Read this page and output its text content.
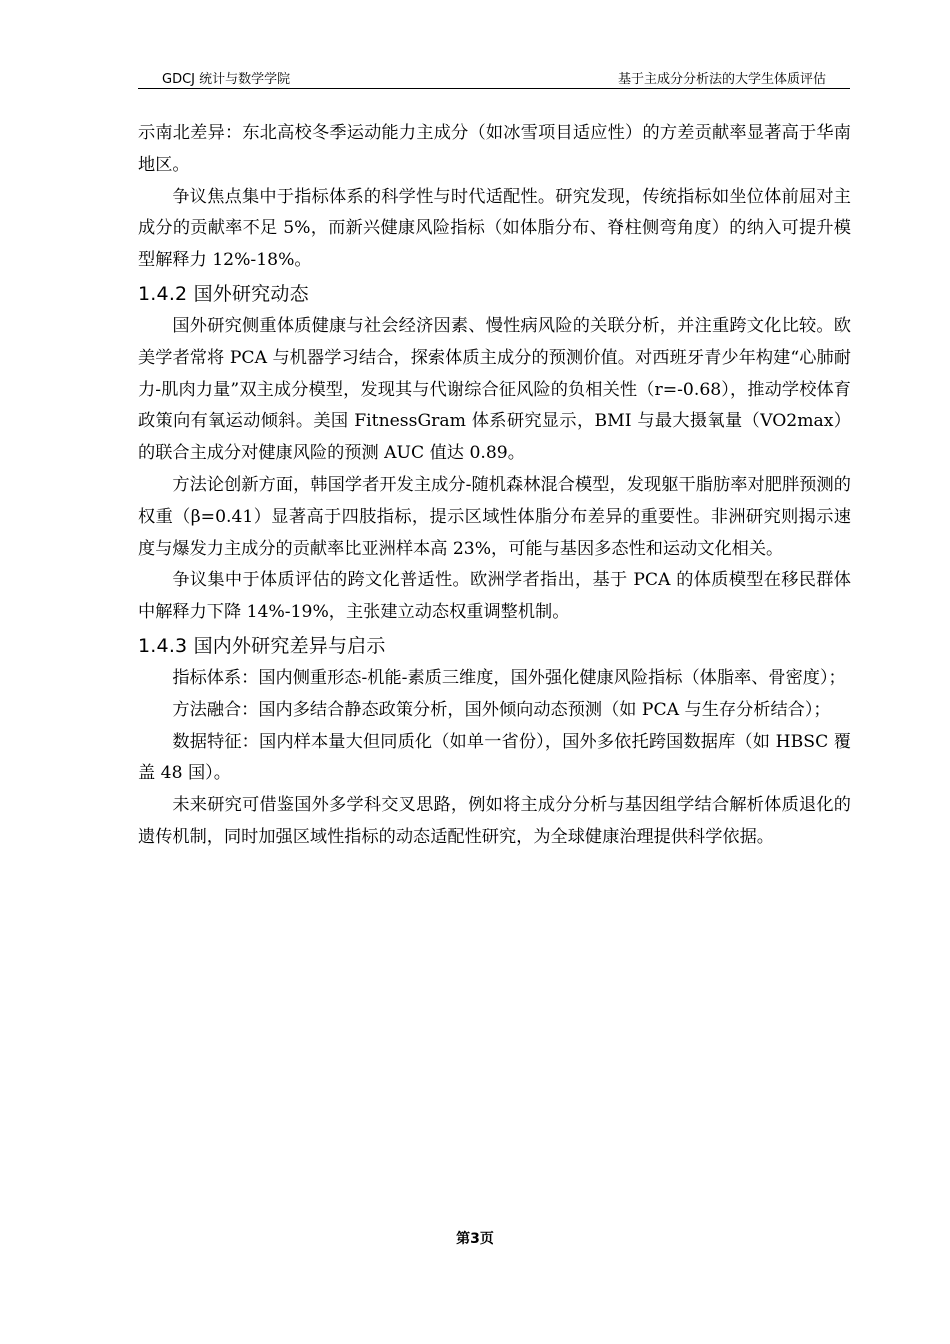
GDCJ 统计与数学学院	基于主成分分析法的大学生体质评估

示南北差异：东北高校冬季运动能力主成分（如冰雪项目适应性）的方差贡献率显著高于华南地区。

争议焦点集中于指标体系的科学性与时代适配性。研究发现，传统指标如坐位体前屈对主成分的贡献率不足 5%，而新兴健康风险指标（如体脂分布、脊柱侧弯角度）的纳入可提升模型解释力 12%-18%。

1.4.2 国外研究动态

国外研究侧重体质健康与社会经济因素、慢性病风险的关联分析，并注重跨文化比较。欧美学者常将 PCA 与机器学习结合，探索体质主成分的预测价值。对西班牙青少年构建“心肺耐力-肌肉力量”双主成分模型，发现其与代谢综合征风险的负相关性（r=-0.68），推动学校体育政策向有氧运动倾斜。美国 FitnessGram 体系研究显示，BMI 与最大摄氧量（VO2max）的联合主成分对健康风险的预测 AUC 值达 0.89。

方法论创新方面，韩国学者开发主成分-随机森林混合模型，发现躯干脂肪率对肥胖预测的权重（β=0.41）显著高于四肢指标，提示区域性体脂分布差异的重要性。非洲研究则揭示速度与爆发力主成分的贡献率比亚洲样本高 23%，可能与基因多态性和运动文化相关。

争议集中于体质评估的跨文化普适性。欧洲学者指出，基于 PCA 的体质模型在移民群体中解释力下降 14%-19%，主张建立动态权重调整机制。

1.4.3 国内外研究差异与启示

指标体系：国内侧重形态-机能-素质三维度，国外强化健康风险指标（体脂率、骨密度）；

方法融合：国内多结合静态政策分析，国外倾向动态预测（如 PCA 与生存分析结合）；

数据特征：国内样本量大但同质化（如单一省份），国外多依托跨国数据库（如 HBSC 覆盖 48 国）。

未来研究可借鉴国外多学科交叉思路，例如将主成分分析与基因组学结合解析体质退化的遗传机制，同时加强区域性指标的动态适配性研究，为全球健康治理提供科学依据。

第3页
